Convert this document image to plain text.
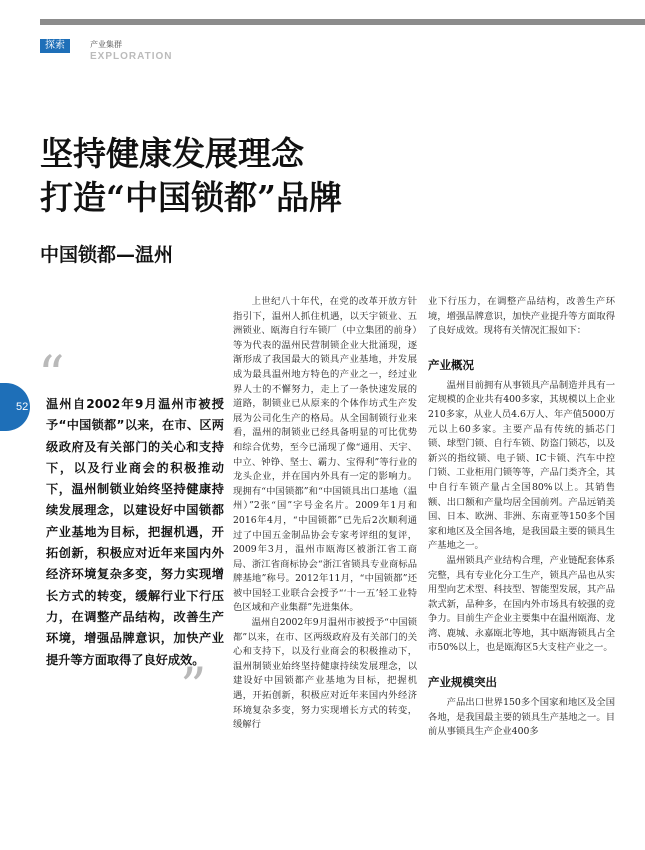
探索	产业集群
EXPLORATION
坚持健康发展理念
打造“中国锁都”品牌
中国锁都—温州
52
“
温州自2002年9月温州市被授予“中国锁都”以来，在市、区两级政府及有关部门的关心和支持下，以及行业商会的积极推动下，温州制锁业始终坚持健康持续发展理念，以建设好中国锁都产业基地为目标，把握机遇，开拓创新，积极应对近年来国内外经济环境复杂多变，努力实现增长方式的转变，缓解行业下行压力，在调整产品结构，改善生产环境，增强品牌意识，加快产业提升等方面取得了良好成效。
”

上世纪八十年代，在党的改革开放方针指引下，温州人抓住机遇，以天宇锁业、五洲锁业、瓯海自行车锁厂（中立集团的前身）等为代表的温州民营制锁企业大批涌现，逐渐形成了我国最大的锁具产业基地，并发展成为最具温州地方特色的产业之一，经过业界人士的不懈努力，走上了一条快速发展的道路，制锁业已从原来的个体作坊式生产发展为公司化生产的格局。从全国制锁行业来看，温州的制锁业已经具备明显的可比优势和综合优势，至今已涌现了像“通用、天宇、中立、钟铮、坚士、霸力、宝得利”等行业的龙头企业，并在国内外具有一定的影响力。现拥有“中国锁都”和“中国锁具出口基地（温州）”2张“国”字号金名片。2009年1月和2016年4月，“中国锁都”已先后2次顺利通过了中国五金制品协会专家考评组的复评，2009年3月，温州市瓯海区被浙江省工商局、浙江省商标协会“浙江省锁具专业商标品牌基地”称号。2012年11月，“中国锁都”还被中国轻工业联合会授予“‘十一五’轻工业特色区域和产业集群”先进集体。

温州自2002年9月温州市被授予“中国锁都”以来，在市、区两级政府及有关部门的关心和支持下，以及行业商会的积极推动下，温州制锁业始终坚持健康持续发展理念，以建设好中国锁都产业基地为目标，把握机遇，开拓创新，积极应对近年来国内外经济环境复杂多变，努力实现增长方式的转变，缓解行

业下行压力，在调整产品结构，改善生产环境，增强品牌意识，加快产业提升等方面取得了良好成效。现将有关情况汇报如下：

产业概况

温州目前拥有从事锁具产品制造并具有一定规模的企业共有400多家，其规模以上企业210多家，从业人员4.6万人、年产值5000万元以上60多家。主要产品有传统的插芯门锁、球型门锁、自行车锁、防盗门锁芯，以及新兴的指纹锁、电子锁、IC卡锁、汽车中控门锁、工业柜用门锁等等，产品门类齐全，其中自行车锁产量占全国80%以上。其销售额、出口额和产量均居全国前列。产品远销美国、日本、欧洲、非洲、东南亚等150多个国家和地区及全国各地，是我国最主要的锁具生产基地之一。

温州锁具产业结构合理，产业链配套体系完整，具有专业化分工生产，锁具产品也从实用型向艺术型、科技型、智能型发展，其产品款式新，品种多，在国内外市场具有较强的竞争力。目前生产企业主要集中在温州瓯海、龙湾、鹿城、永嘉瓯北等地，其中瓯海锁具占全市50%以上，也是瓯海区5大支柱产业之一。

产业规模突出

产品出口世界150多个国家和地区及全国各地，是我国最主要的锁具生产基地之一。目前从事锁具生产企业400多
